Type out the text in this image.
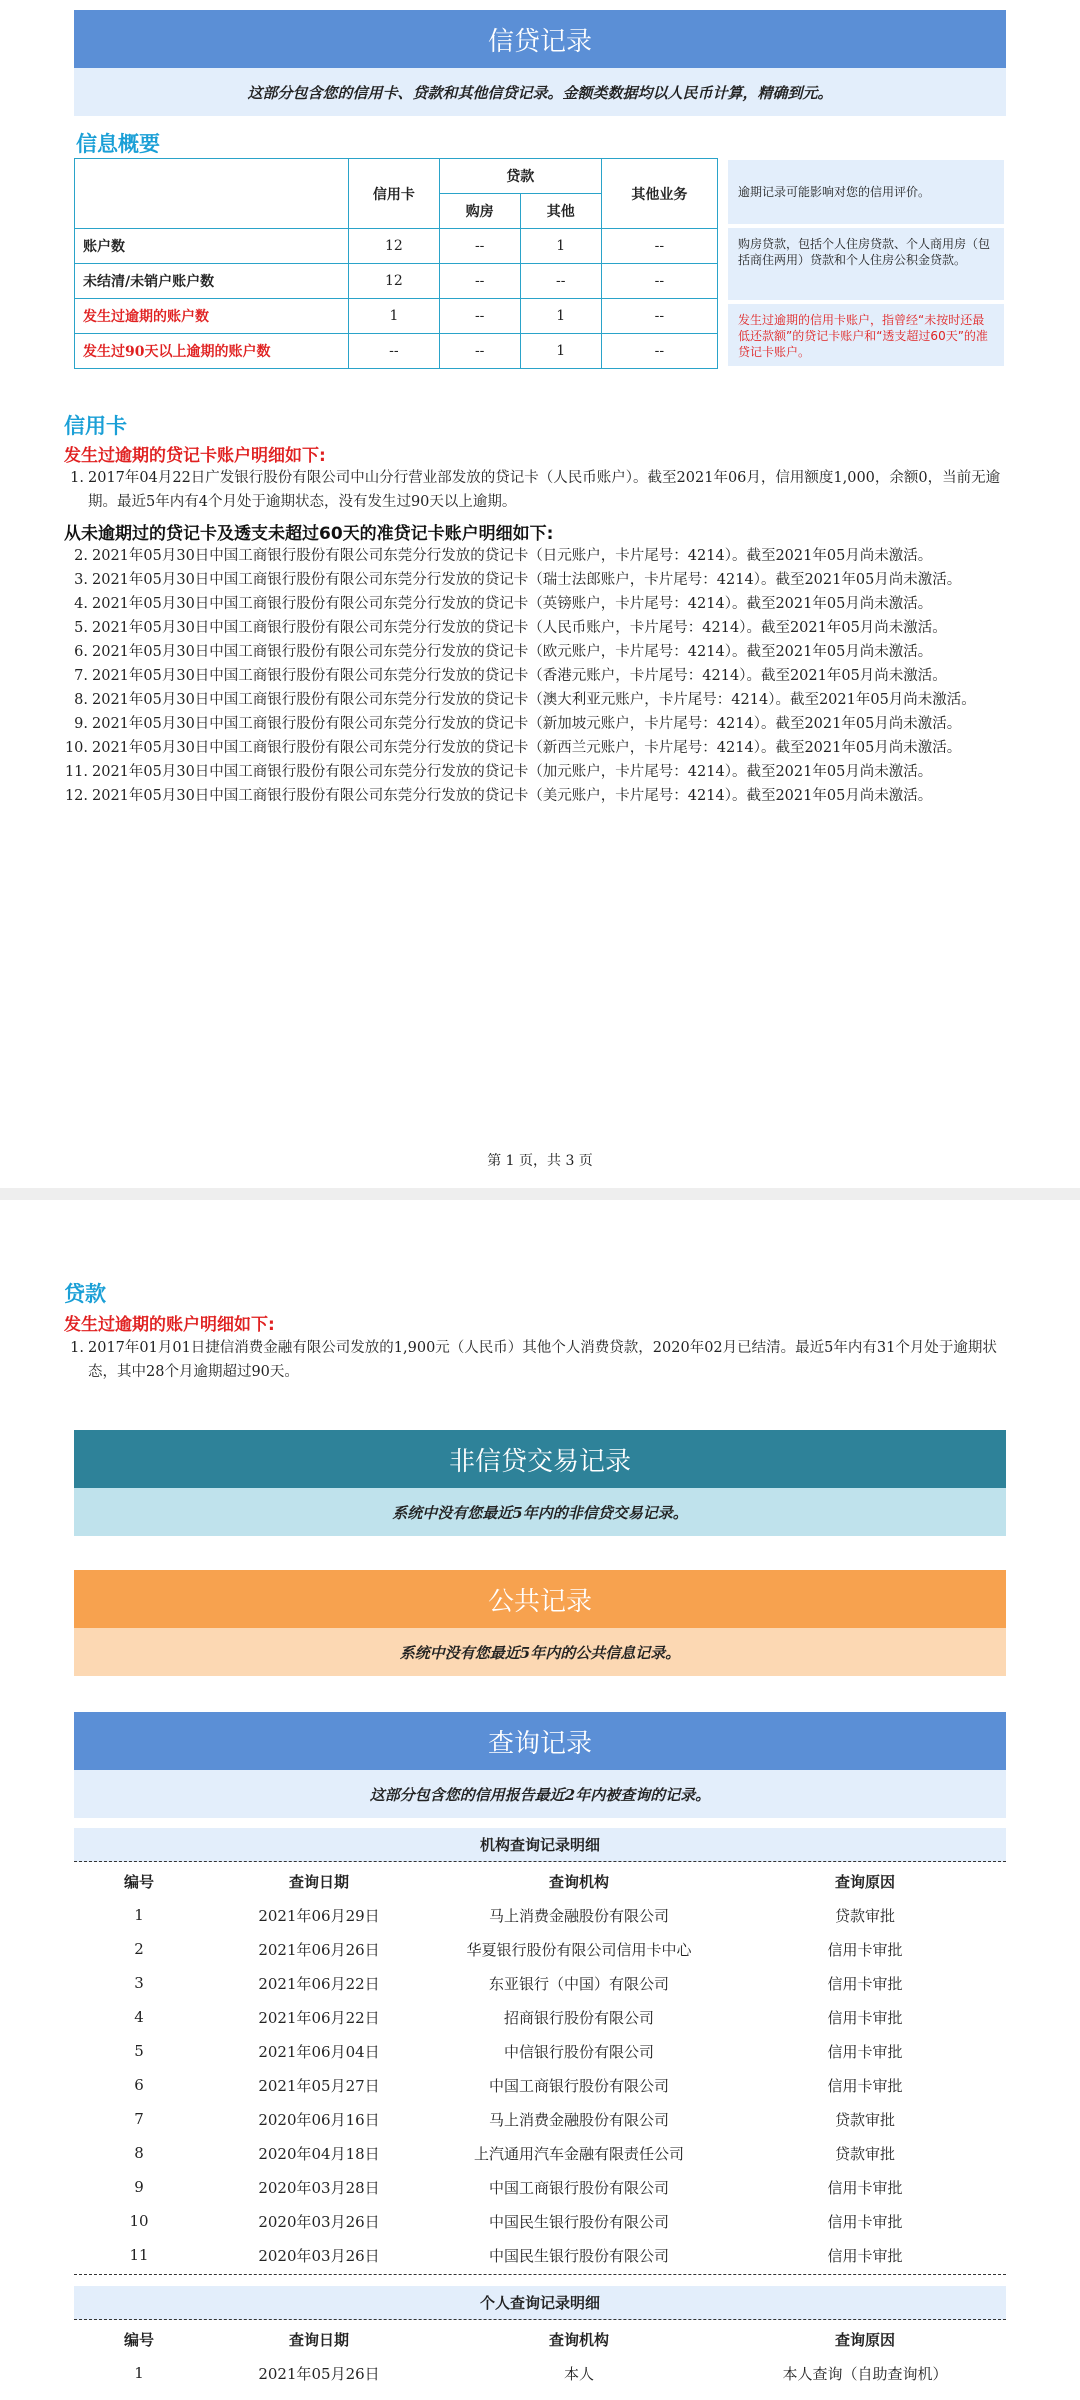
信贷记录
这部分包含您的信用卡、贷款和其他信贷记录。金额类数据均以人民币计算，精确到元。
信息概要
	信用卡	贷款		其他业务
		购房	其他	
账户数	12	--	1	--
未结清/未销户账户数	12	--	--	--
发生过逾期的账户数	1	--	1	--
发生过90天以上逾期的账户数	--	--	1	--
逾期记录可能影响对您的信用评价。
购房贷款，包括个人住房贷款、个人商用房（包括商住两用）贷款和个人住房公积金贷款。
发生过逾期的信用卡账户，指曾经“未按时还最低还款额”的贷记卡账户和“透支超过60天”的准贷记卡账户。
信用卡
发生过逾期的贷记卡账户明细如下:
1. 2017年04月22日广发银行股份有限公司中山分行营业部发放的贷记卡（人民币账户）。截至2021年06月，信用额度1,000，余额0，当前无逾期。最近5年内有4个月处于逾期状态，没有发生过90天以上逾期。
从未逾期过的贷记卡及透支未超过60天的准贷记卡账户明细如下:
2. 2021年05月30日中国工商银行股份有限公司东莞分行发放的贷记卡（日元账户，卡片尾号：4214）。截至2021年05月尚未激活。
3. 2021年05月30日中国工商银行股份有限公司东莞分行发放的贷记卡（瑞士法郎账户，卡片尾号：4214）。截至2021年05月尚未激活。
4. 2021年05月30日中国工商银行股份有限公司东莞分行发放的贷记卡（英镑账户，卡片尾号：4214）。截至2021年05月尚未激活。
5. 2021年05月30日中国工商银行股份有限公司东莞分行发放的贷记卡（人民币账户，卡片尾号：4214）。截至2021年05月尚未激活。
6. 2021年05月30日中国工商银行股份有限公司东莞分行发放的贷记卡（欧元账户，卡片尾号：4214）。截至2021年05月尚未激活。
7. 2021年05月30日中国工商银行股份有限公司东莞分行发放的贷记卡（香港元账户，卡片尾号：4214）。截至2021年05月尚未激活。
8. 2021年05月30日中国工商银行股份有限公司东莞分行发放的贷记卡（澳大利亚元账户，卡片尾号：4214）。截至2021年05月尚未激活。
9. 2021年05月30日中国工商银行股份有限公司东莞分行发放的贷记卡（新加坡元账户，卡片尾号：4214）。截至2021年05月尚未激活。
10. 2021年05月30日中国工商银行股份有限公司东莞分行发放的贷记卡（新西兰元账户，卡片尾号：4214）。截至2021年05月尚未激活。
11. 2021年05月30日中国工商银行股份有限公司东莞分行发放的贷记卡（加元账户，卡片尾号：4214）。截至2021年05月尚未激活。
12. 2021年05月30日中国工商银行股份有限公司东莞分行发放的贷记卡（美元账户，卡片尾号：4214）。截至2021年05月尚未激活。
第 1 页，共 3 页
贷款
发生过逾期的账户明细如下:
1. 2017年01月01日捷信消费金融有限公司发放的1,900元（人民币）其他个人消费贷款，2020年02月已结清。最近5年内有31个月处于逾期状态，其中28个月逾期超过90天。
非信贷交易记录
系统中没有您最近5年内的非信贷交易记录。
公共记录
系统中没有您最近5年内的公共信息记录。
查询记录
这部分包含您的信用报告最近2年内被查询的记录。
机构查询记录明细
编号	查询日期	查询机构	查询原因
1	2021年06月29日	马上消费金融股份有限公司	贷款审批
2	2021年06月26日	华夏银行股份有限公司信用卡中心	信用卡审批
3	2021年06月22日	东亚银行（中国）有限公司	信用卡审批
4	2021年06月22日	招商银行股份有限公司	信用卡审批
5	2021年06月04日	中信银行股份有限公司	信用卡审批
6	2021年05月27日	中国工商银行股份有限公司	信用卡审批
7	2020年06月16日	马上消费金融股份有限公司	贷款审批
8	2020年04月18日	上汽通用汽车金融有限责任公司	贷款审批
9	2020年03月28日	中国工商银行股份有限公司	信用卡审批
10	2020年03月26日	中国民生银行股份有限公司	信用卡审批
11	2020年03月26日	中国民生银行股份有限公司	信用卡审批
个人查询记录明细
编号	查询日期	查询机构	查询原因
1	2021年05月26日	本人	本人查询（自助查询机）
